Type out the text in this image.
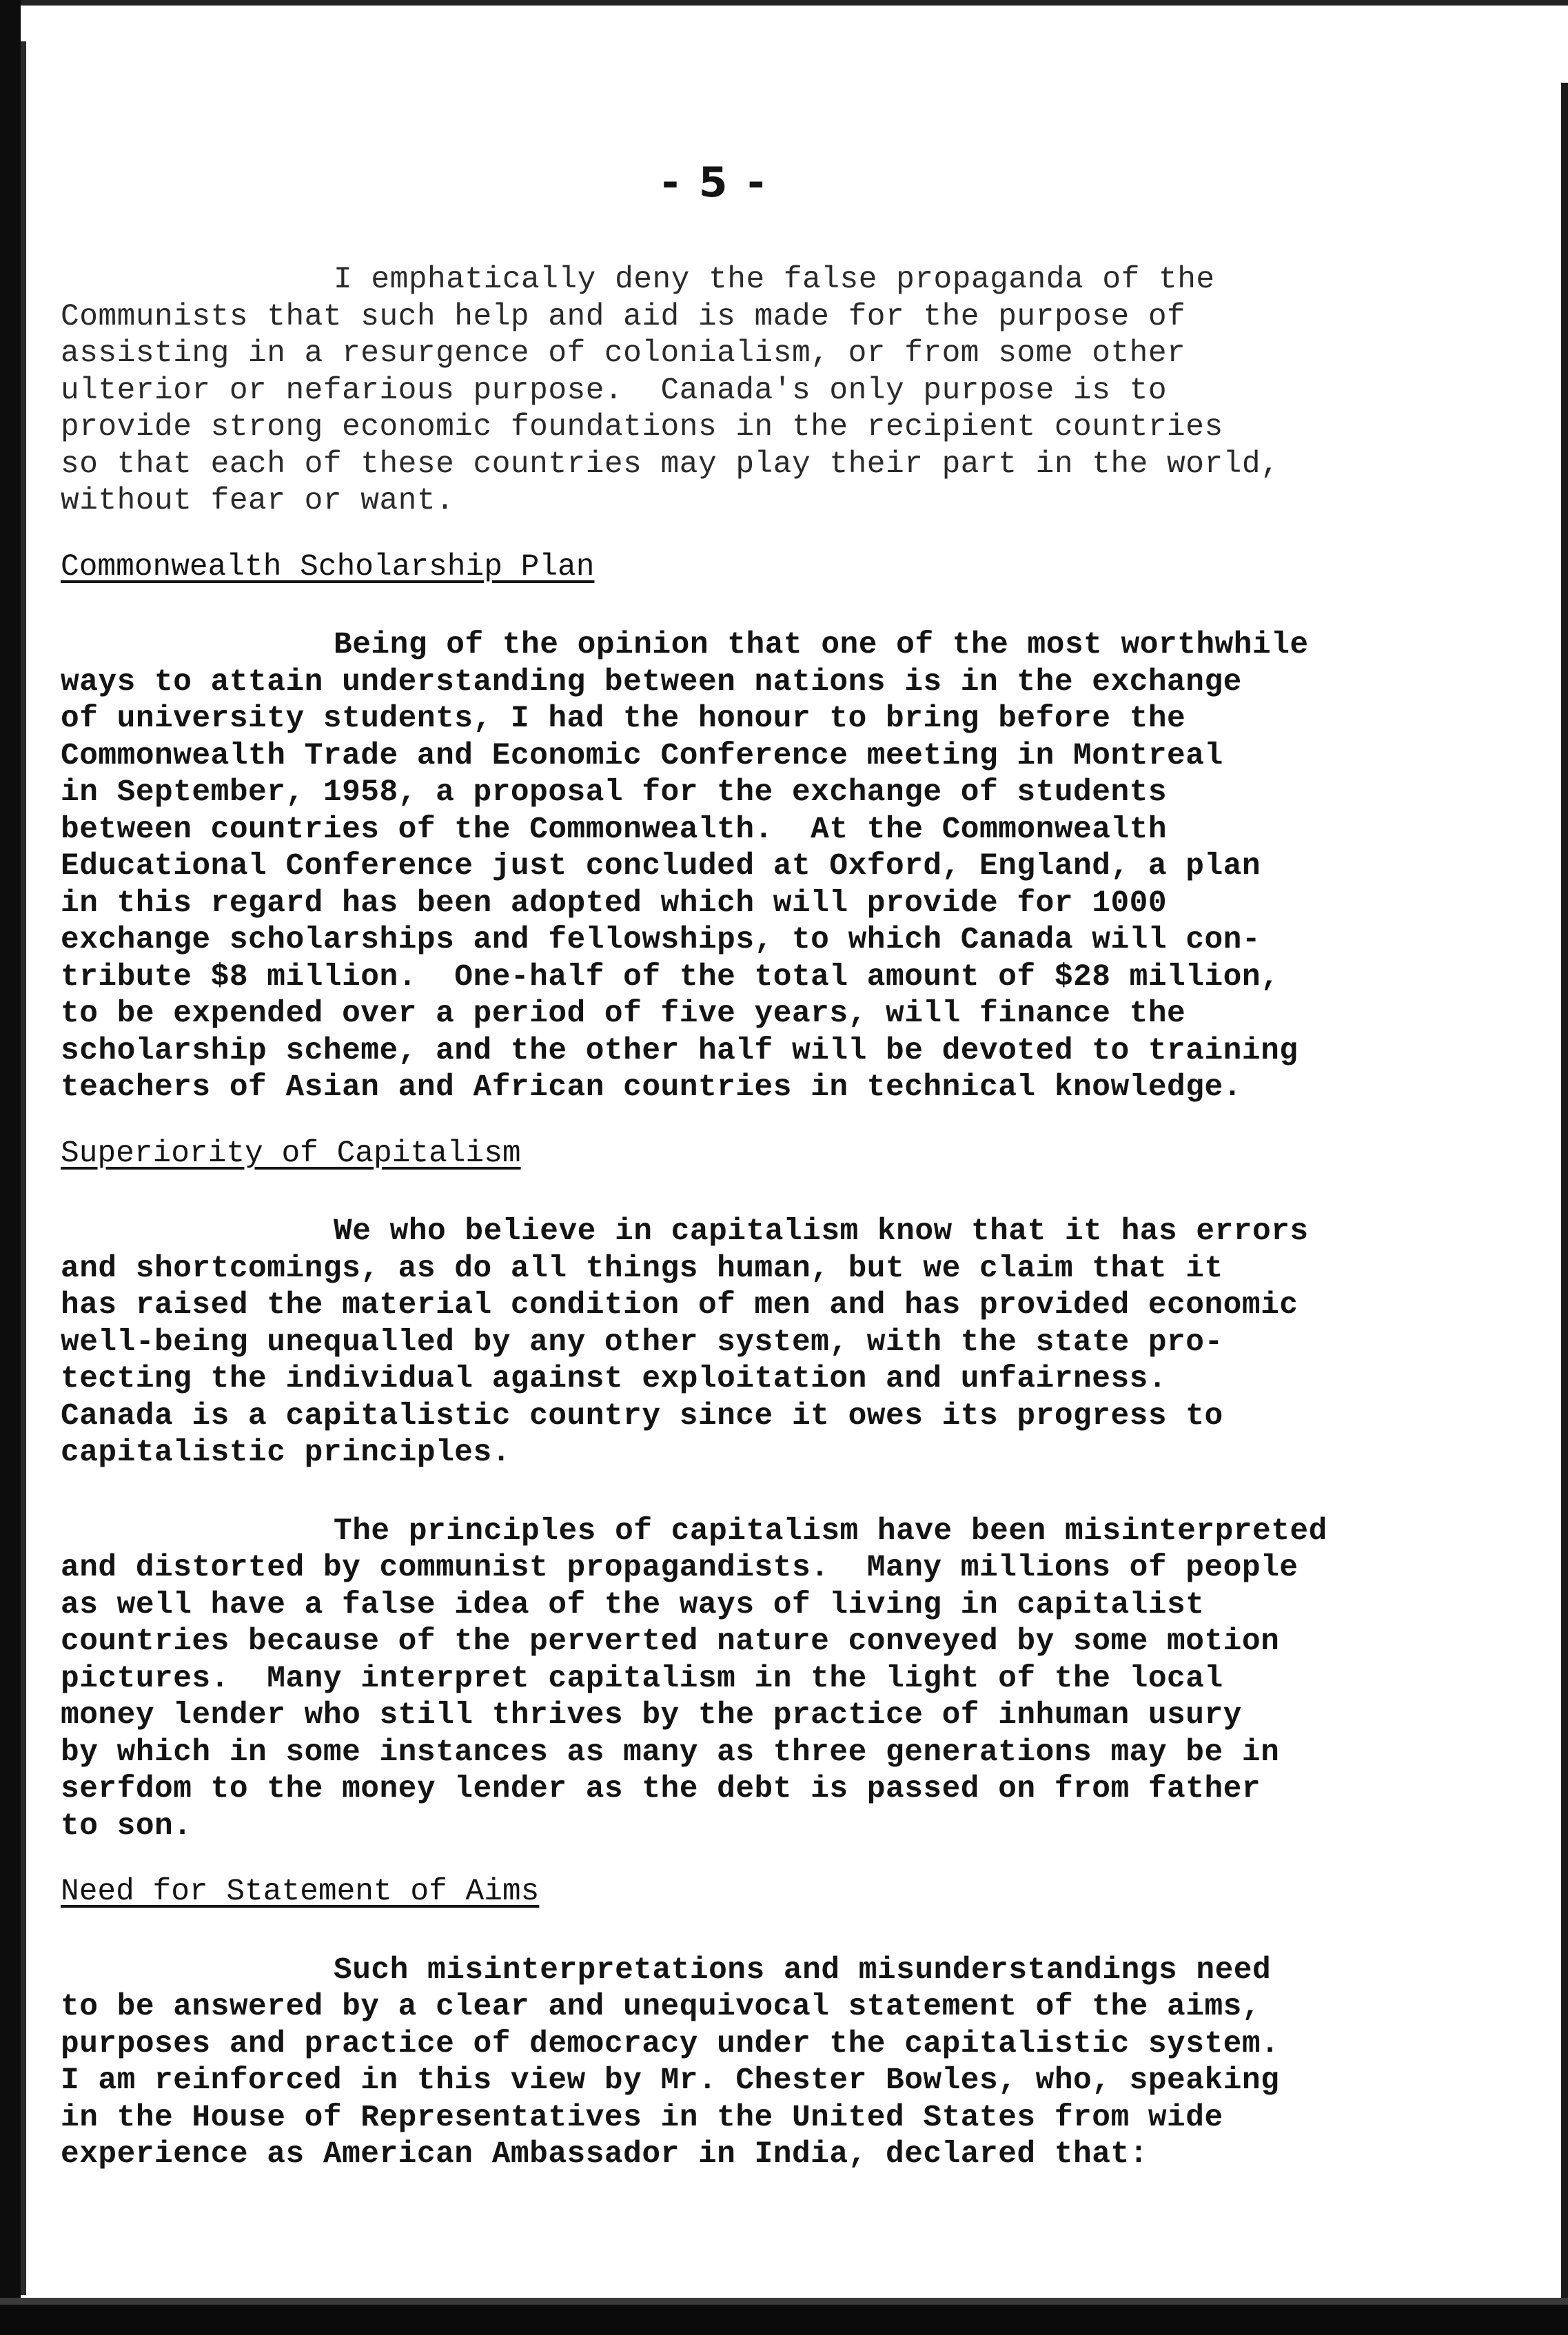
- 5 -
I emphatically deny the false propaganda of the
Communists that such help and aid is made for the purpose of
assisting in a resurgence of colonialism, or from some other
ulterior or nefarious purpose.  Canada's only purpose is to
provide strong economic foundations in the recipient countries
so that each of these countries may play their part in the world,
without fear or want.
Commonwealth Scholarship Plan
Being of the opinion that one of the most worthwhile
ways to attain understanding between nations is in the exchange
of university students, I had the honour to bring before the
Commonwealth Trade and Economic Conference meeting in Montreal
in September, 1958, a proposal for the exchange of students
between countries of the Commonwealth.  At the Commonwealth
Educational Conference just concluded at Oxford, England, a plan
in this regard has been adopted which will provide for 1000
exchange scholarships and fellowships, to which Canada will con-
tribute $8 million.  One-half of the total amount of $28 million,
to be expended over a period of five years, will finance the
scholarship scheme, and the other half will be devoted to training
teachers of Asian and African countries in technical knowledge.
Superiority of Capitalism
We who believe in capitalism know that it has errors
and shortcomings, as do all things human, but we claim that it
has raised the material condition of men and has provided economic
well-being unequalled by any other system, with the state pro-
tecting the individual against exploitation and unfairness.
Canada is a capitalistic country since it owes its progress to
capitalistic principles.
The principles of capitalism have been misinterpreted
and distorted by communist propagandists.  Many millions of people
as well have a false idea of the ways of living in capitalist
countries because of the perverted nature conveyed by some motion
pictures.  Many interpret capitalism in the light of the local
money lender who still thrives by the practice of inhuman usury
by which in some instances as many as three generations may be in
serfdom to the money lender as the debt is passed on from father
to son.
Need for Statement of Aims
Such misinterpretations and misunderstandings need
to be answered by a clear and unequivocal statement of the aims,
purposes and practice of democracy under the capitalistic system.
I am reinforced in this view by Mr. Chester Bowles, who, speaking
in the House of Representatives in the United States from wide
experience as American Ambassador in India, declared that:
